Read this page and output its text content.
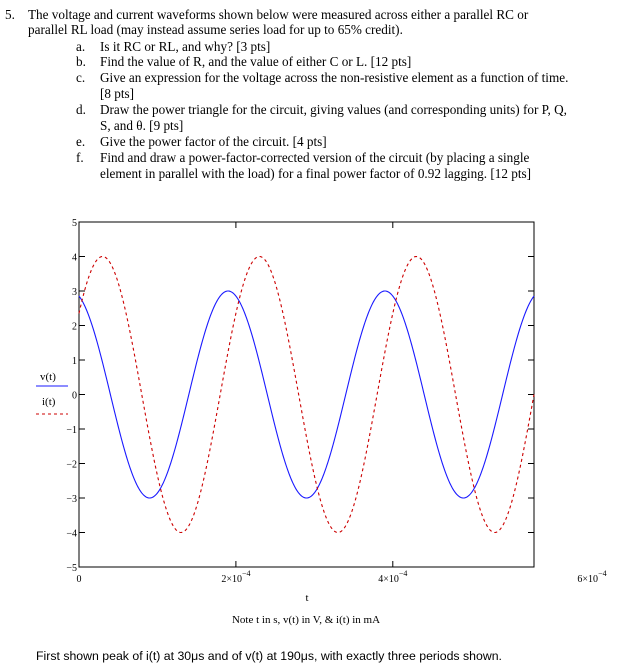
5. The voltage and current waveforms shown below were measured across either a parallel RC or
parallel RL load (may instead assume series load for up to 65% credit).
a. Is it RC or RL, and why? [3 pts]
b. Find the value of R, and the value of either C or L. [12 pts]
c. Give an expression for the voltage across the non-resistive element as a function of time.
[8 pts]
d. Draw the power triangle for the circuit, giving values (and corresponding units) for P, Q,
S, and θ. [9 pts]
e. Give the power factor of the circuit. [4 pts]
f. Find and draw a power-factor-corrected version of the circuit (by placing a single
element in parallel with the load) for a final power factor of 0.92 lagging. [12 pts]
5
4
3
2
1
0
−1
−2
−3
−4
−5
0	$2\times 10^{-4}$
$4\times 10^{-4}$
$6\times 10^{-4}$
v(t)
i(t)
t
Note t in s, v(t) in V, & i(t) in mA
First shown peak of i(t) at 30μs and of v(t) at 190μs, with exactly three periods shown.
